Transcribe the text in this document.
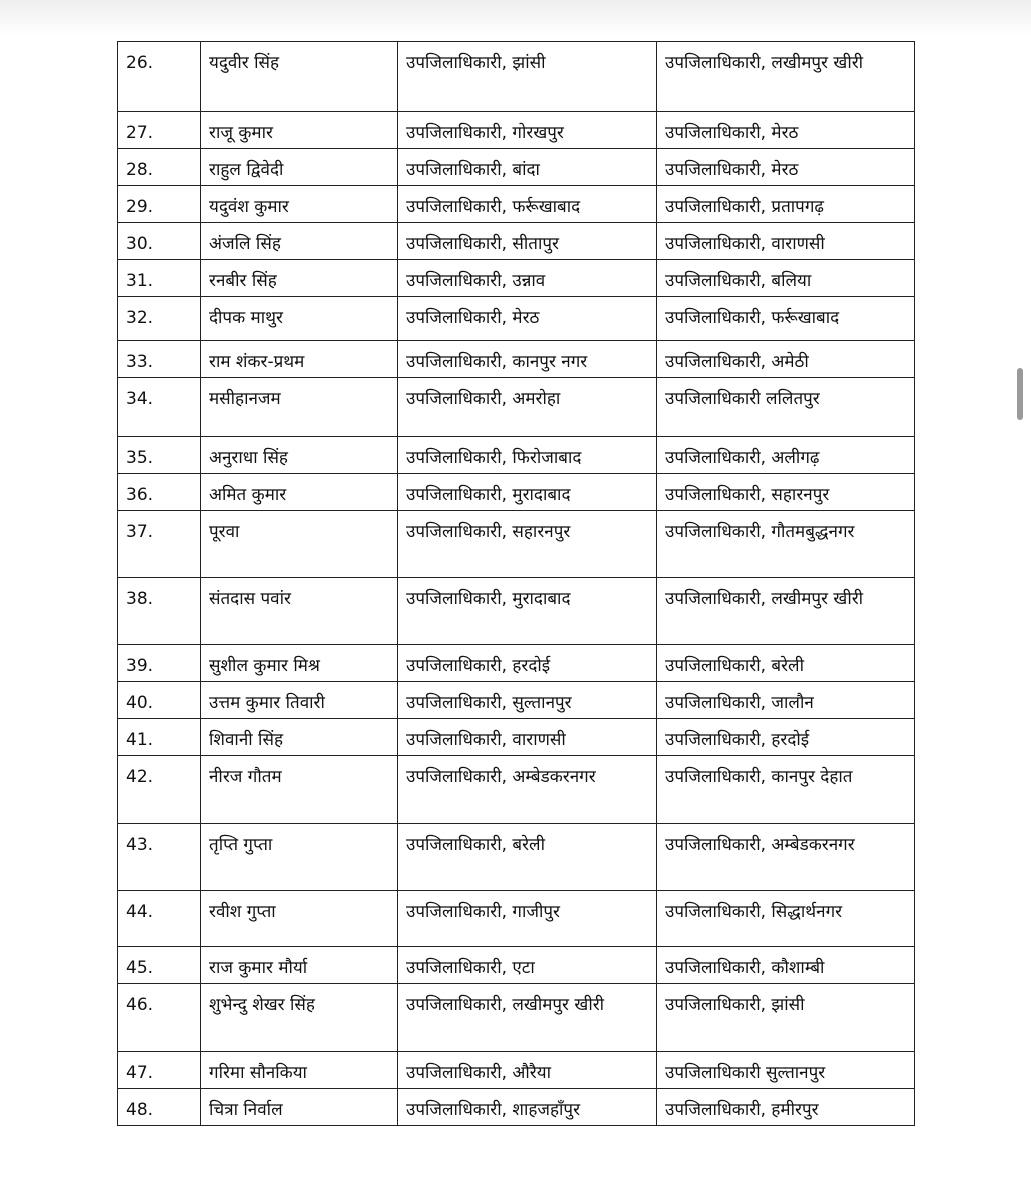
26.	यदुवीर सिंह	उपजिलाधिकारी, झांसी	उपजिलाधिकारी, लखीमपुर खीरी
27.	राजू कुमार	उपजिलाधिकारी, गोरखपुर	उपजिलाधिकारी, मेरठ
28.	राहुल द्विवेदी	उपजिलाधिकारी, बांदा	उपजिलाधिकारी, मेरठ
29.	यदुवंश कुमार	उपजिलाधिकारी, फर्रूखाबाद	उपजिलाधिकारी, प्रतापगढ़
30.	अंजलि सिंह	उपजिलाधिकारी, सीतापुर	उपजिलाधिकारी, वाराणसी
31.	रनबीर सिंह	उपजिलाधिकारी, उन्नाव	उपजिलाधिकारी, बलिया
32.	दीपक माथुर	उपजिलाधिकारी, मेरठ	उपजिलाधिकारी, फर्रूखाबाद
33.	राम शंकर-प्रथम	उपजिलाधिकारी, कानपुर नगर	उपजिलाधिकारी, अमेठी
34.	मसीहानजम	उपजिलाधिकारी, अमरोहा	उपजिलाधिकारी ललितपुर
35.	अनुराधा सिंह	उपजिलाधिकारी, फिरोजाबाद	उपजिलाधिकारी, अलीगढ़
36.	अमित कुमार	उपजिलाधिकारी, मुरादाबाद	उपजिलाधिकारी, सहारनपुर
37.	पूरवा	उपजिलाधिकारी, सहारनपुर	उपजिलाधिकारी, गौतमबुद्धनगर
38.	संतदास पवांर	उपजिलाधिकारी, मुरादाबाद	उपजिलाधिकारी, लखीमपुर खीरी
39.	सुशील कुमार मिश्र	उपजिलाधिकारी, हरदोई	उपजिलाधिकारी, बरेली
40.	उत्तम कुमार तिवारी	उपजिलाधिकारी, सुल्तानपुर	उपजिलाधिकारी, जालौन
41.	शिवानी सिंह	उपजिलाधिकारी, वाराणसी	उपजिलाधिकारी, हरदोई
42.	नीरज गौतम	उपजिलाधिकारी, अम्बेडकरनगर	उपजिलाधिकारी, कानपुर देहात
43.	तृप्ति गुप्ता	उपजिलाधिकारी, बरेली	उपजिलाधिकारी, अम्बेडकरनगर
44.	रवीश गुप्ता	उपजिलाधिकारी, गाजीपुर	उपजिलाधिकारी, सिद्धार्थनगर
45.	राज कुमार मौर्या	उपजिलाधिकारी, एटा	उपजिलाधिकारी, कौशाम्बी
46.	शुभेन्दु शेखर सिंह	उपजिलाधिकारी, लखीमपुर खीरी	उपजिलाधिकारी, झांसी
47.	गरिमा सौनकिया	उपजिलाधिकारी, औरैया	उपजिलाधिकारी सुल्तानपुर
48.	चित्रा निर्वाल	उपजिलाधिकारी, शाहजहाँपुर	उपजिलाधिकारी, हमीरपुर
